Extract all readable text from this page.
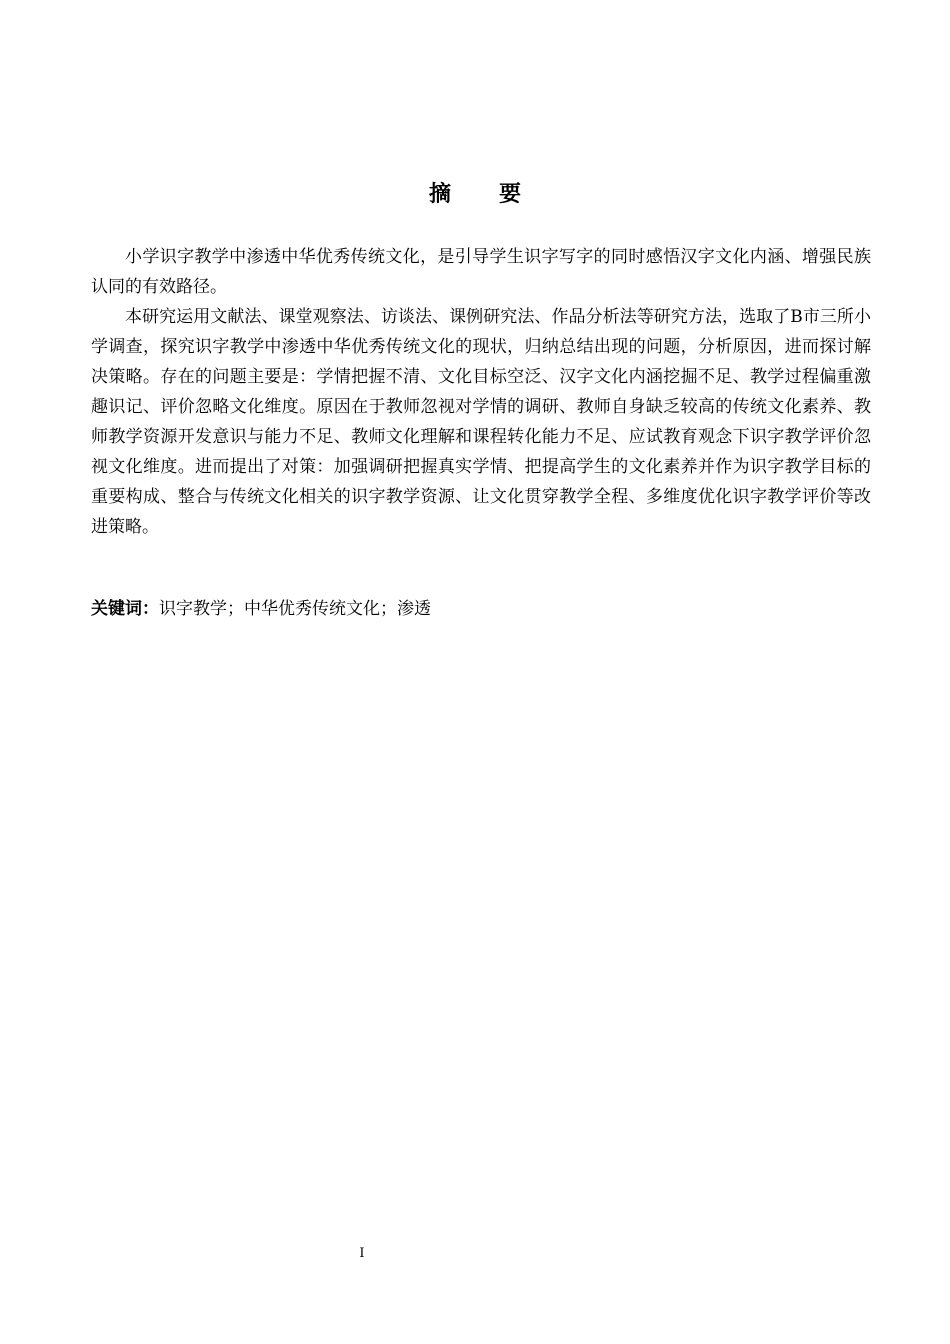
摘要

小学识字教学中渗透中华优秀传统文化，是引导学生识字写字的同时感悟汉字文化内涵、增强民族认同的有效路径。

本研究运用文献法、课堂观察法、访谈法、课例研究法、作品分析法等研究方法，选取了B市三所小学调查，探究识字教学中渗透中华优秀传统文化的现状，归纳总结出现的问题，分析原因，进而探讨解决策略。存在的问题主要是：学情把握不清、文化目标空泛、汉字文化内涵挖掘不足、教学过程偏重激趣识记、评价忽略文化维度。原因在于教师忽视对学情的调研、教师自身缺乏较高的传统文化素养、教师教学资源开发意识与能力不足、教师文化理解和课程转化能力不足、应试教育观念下识字教学评价忽视文化维度。进而提出了对策：加强调研把握真实学情、把提高学生的文化素养并作为识字教学目标的重要构成、整合与传统文化相关的识字教学资源、让文化贯穿教学全程、多维度优化识字教学评价等改进策略。

关键词：识字教学；中华优秀传统文化；渗透
I
